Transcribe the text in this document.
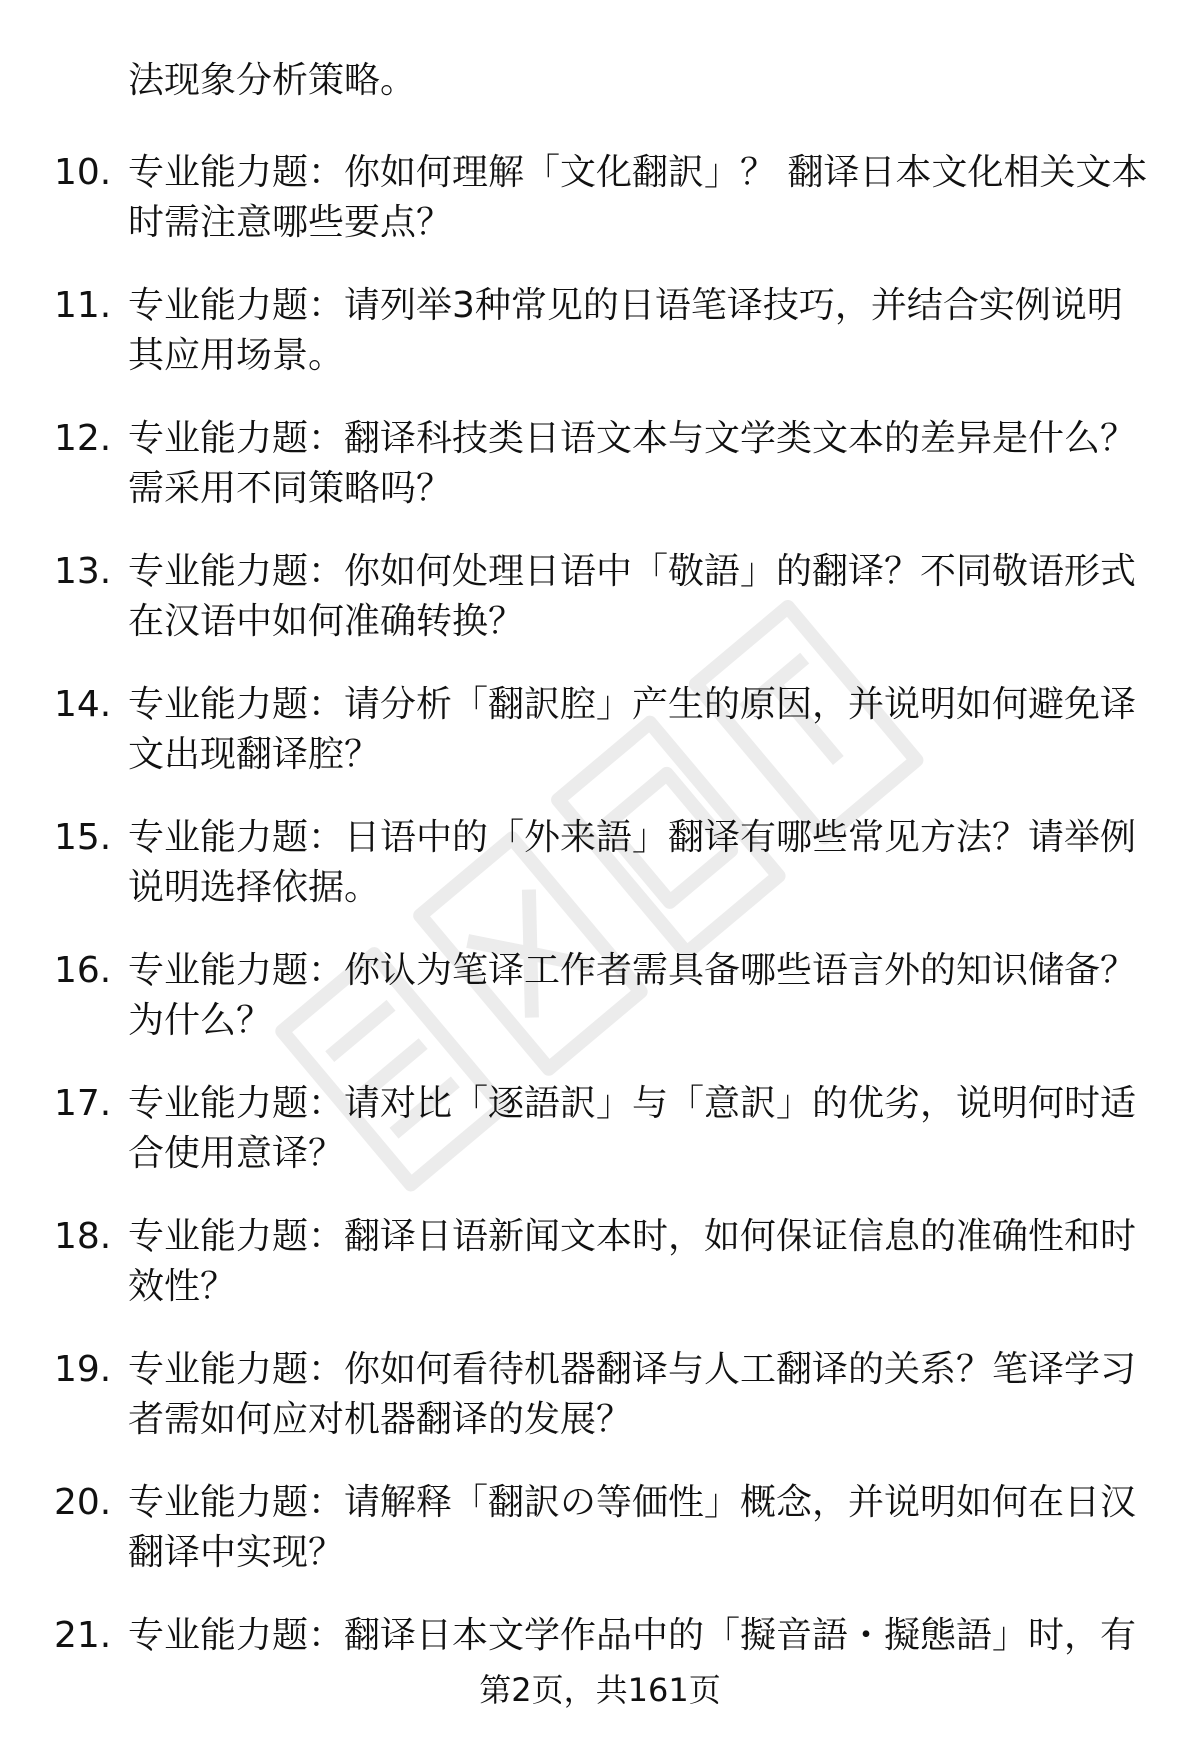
法现象分析策略。

10. 专业能力题：你如何理解「文化翻訳」？ 翻译日本文化相关文本时需注意哪些要点？

11. 专业能力题：请列举3种常见的日语笔译技巧，并结合实例说明其应用场景。

12. 专业能力题：翻译科技类日语文本与文学类文本的差异是什么？需采用不同策略吗？

13. 专业能力题：你如何处理日语中「敬語」的翻译？不同敬语形式在汉语中如何准确转换？

14. 专业能力题：请分析「翻訳腔」产生的原因，并说明如何避免译文出现翻译腔？

15. 专业能力题：日语中的「外来語」翻译有哪些常见方法？请举例说明选择依据。

16. 专业能力题：你认为笔译工作者需具备哪些语言外的知识储备？为什么？

17. 专业能力题：请对比「逐語訳」与「意訳」的优劣，说明何时适合使用意译？

18. 专业能力题：翻译日语新闻文本时，如何保证信息的准确性和时效性？

19. 专业能力题：你如何看待机器翻译与人工翻译的关系？笔译学习者需如何应对机器翻译的发展？

20. 专业能力题：请解释「翻訳の等価性」概念，并说明如何在日汉翻译中实现？

21. 专业能力题：翻译日本文学作品中的「擬音語・擬態語」时，有

第2页，共161页
